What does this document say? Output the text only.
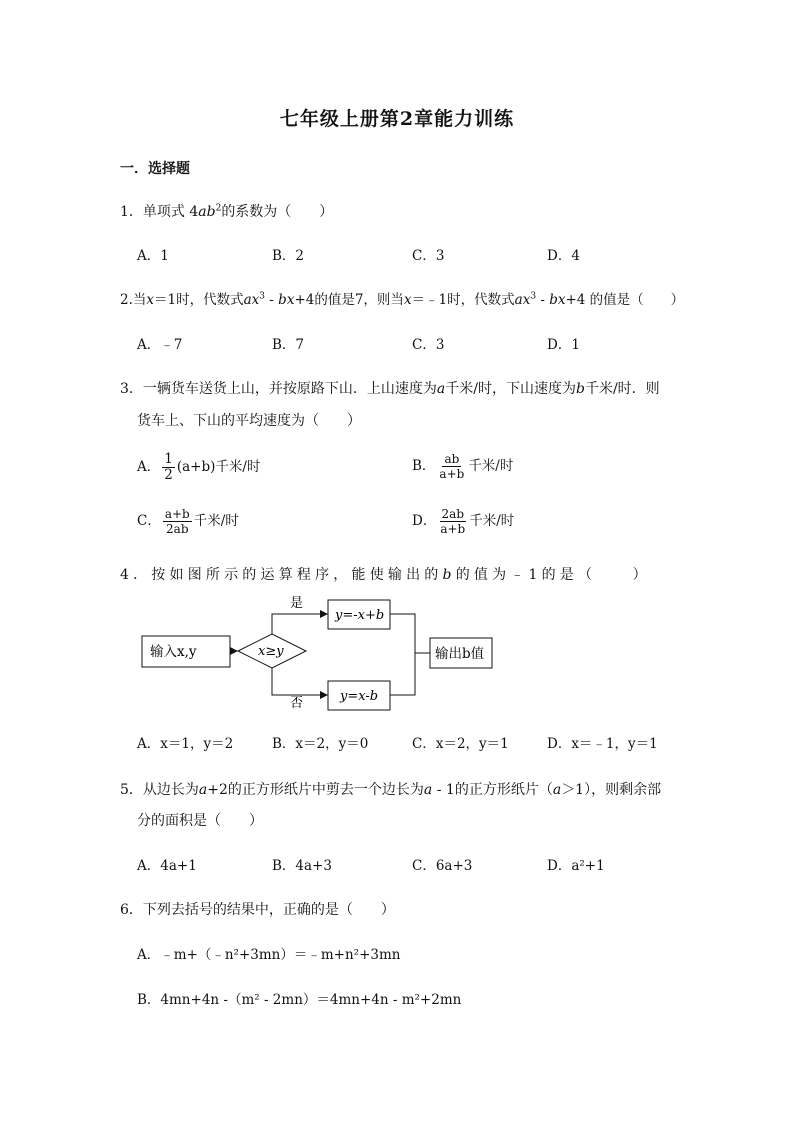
七年级上册第2章能力训练
一．选择题
1．单项式 $4ab^2$的系数为（　　）
A．1	B．2	C．3	D．4
2.当x＝1时，代数式$ax^3 - bx+4$的值是7，则当x＝﹣1时，代数式$ax^3 - bx+4$ 的值是（　　）
A．﹣7	B．7	C．3	D．1
3．一辆货车送货上山，并按原路下山．上山速度为a千米/时，下山速度为b千米/时．则
货车上、下山的平均速度为（　　）
A． $\frac{1}{2} (a+b)$千米/时	B． $\frac{ab}{a+b}$ 千米/时
C． $\frac{a+b}{2ab}$ 千米/时	D． $\frac{2ab}{a+b}$ 千米/时
4．按如图所示的运算程序，能使输出的b的值为﹣1的是（　　）
输入x,y	x≥y
是
否
y=-x+b
y=x-b
输出b值
A．x＝1，y＝2	B．x＝2，y＝0	C．x＝2，y＝1	D．x＝﹣1，y＝1
5．从边长为a+2的正方形纸片中剪去一个边长为a - 1的正方形纸片（a＞1），则剩余部
分的面积是（　　）
A．4a+1	B．4a+3	C．6a+3	D．a²+1
6．下列去括号的结果中，正确的是（　　）
A．﹣m+（﹣n²+3mn）＝﹣m+n²+3mn
B．4mn+4n -（m² - 2mn）＝4mn+4n - m²+2mn
